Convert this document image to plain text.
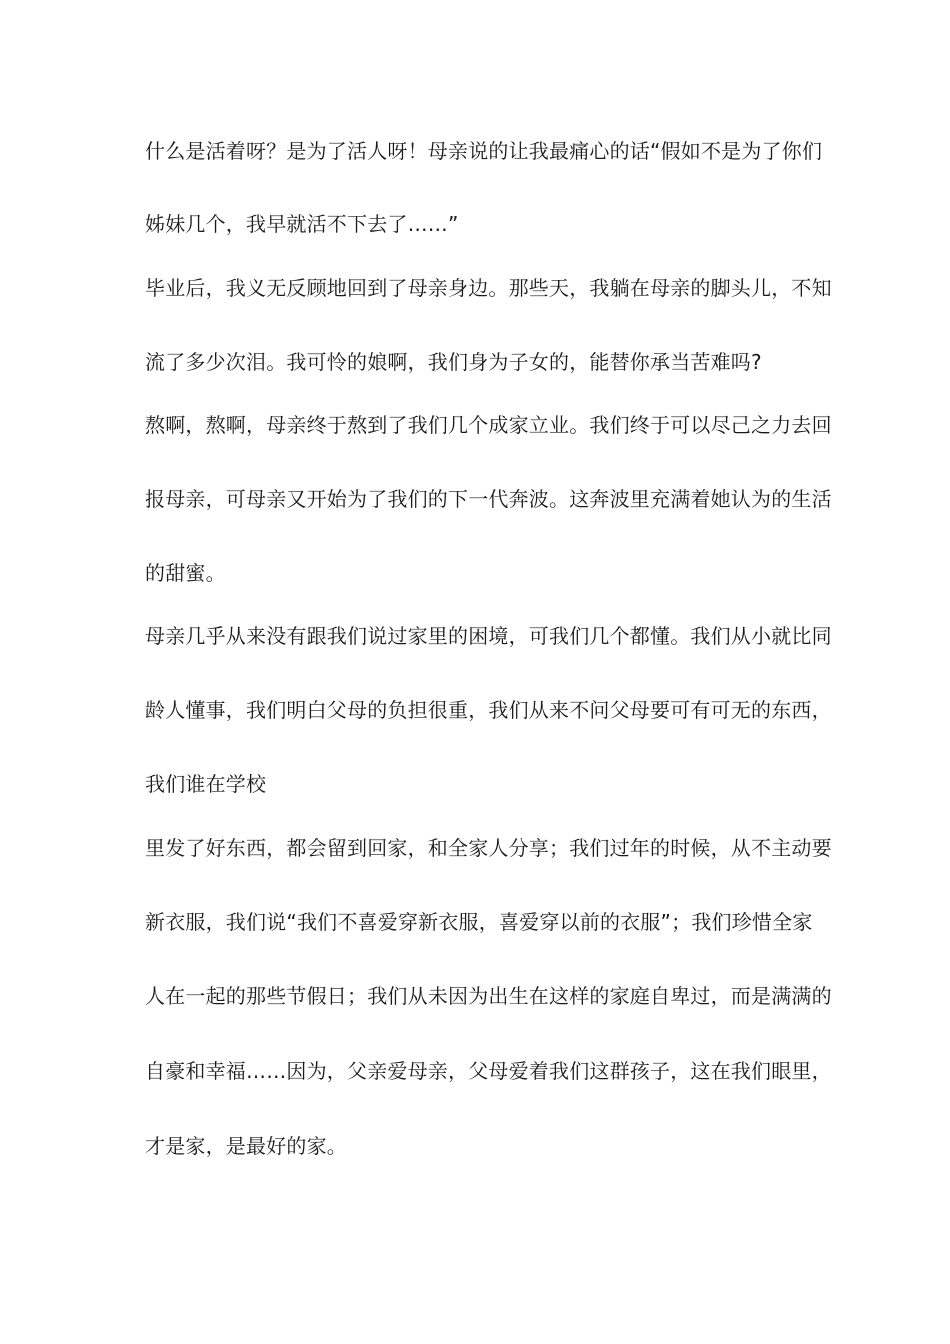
什么是活着呀？是为了活人呀！母亲说的让我最痛心的话“假如不是为了你们
姊妹几个，我早就活不下去了……”
毕业后，我义无反顾地回到了母亲身边。那些天，我躺在母亲的脚头儿，不知
流了多少次泪。我可怜的娘啊，我们身为子女的，能替你承当苦难吗?
熬啊，熬啊，母亲终于熬到了我们几个成家立业。我们终于可以尽己之力去回
报母亲，可母亲又开始为了我们的下一代奔波。这奔波里充满着她认为的生活
的甜蜜。
母亲几乎从来没有跟我们说过家里的困境，可我们几个都懂。我们从小就比同
龄人懂事，我们明白父母的负担很重，我们从来不问父母要可有可无的东西，
我们谁在学校
里发了好东西，都会留到回家，和全家人分享；我们过年的时候，从不主动要
新衣服，我们说“我们不喜爱穿新衣服，喜爱穿以前的衣服”；我们珍惜全家
人在一起的那些节假日；我们从未因为出生在这样的家庭自卑过，而是满满的
自豪和幸福……因为，父亲爱母亲，父母爱着我们这群孩子，这在我们眼里，
才是家，是最好的家。
